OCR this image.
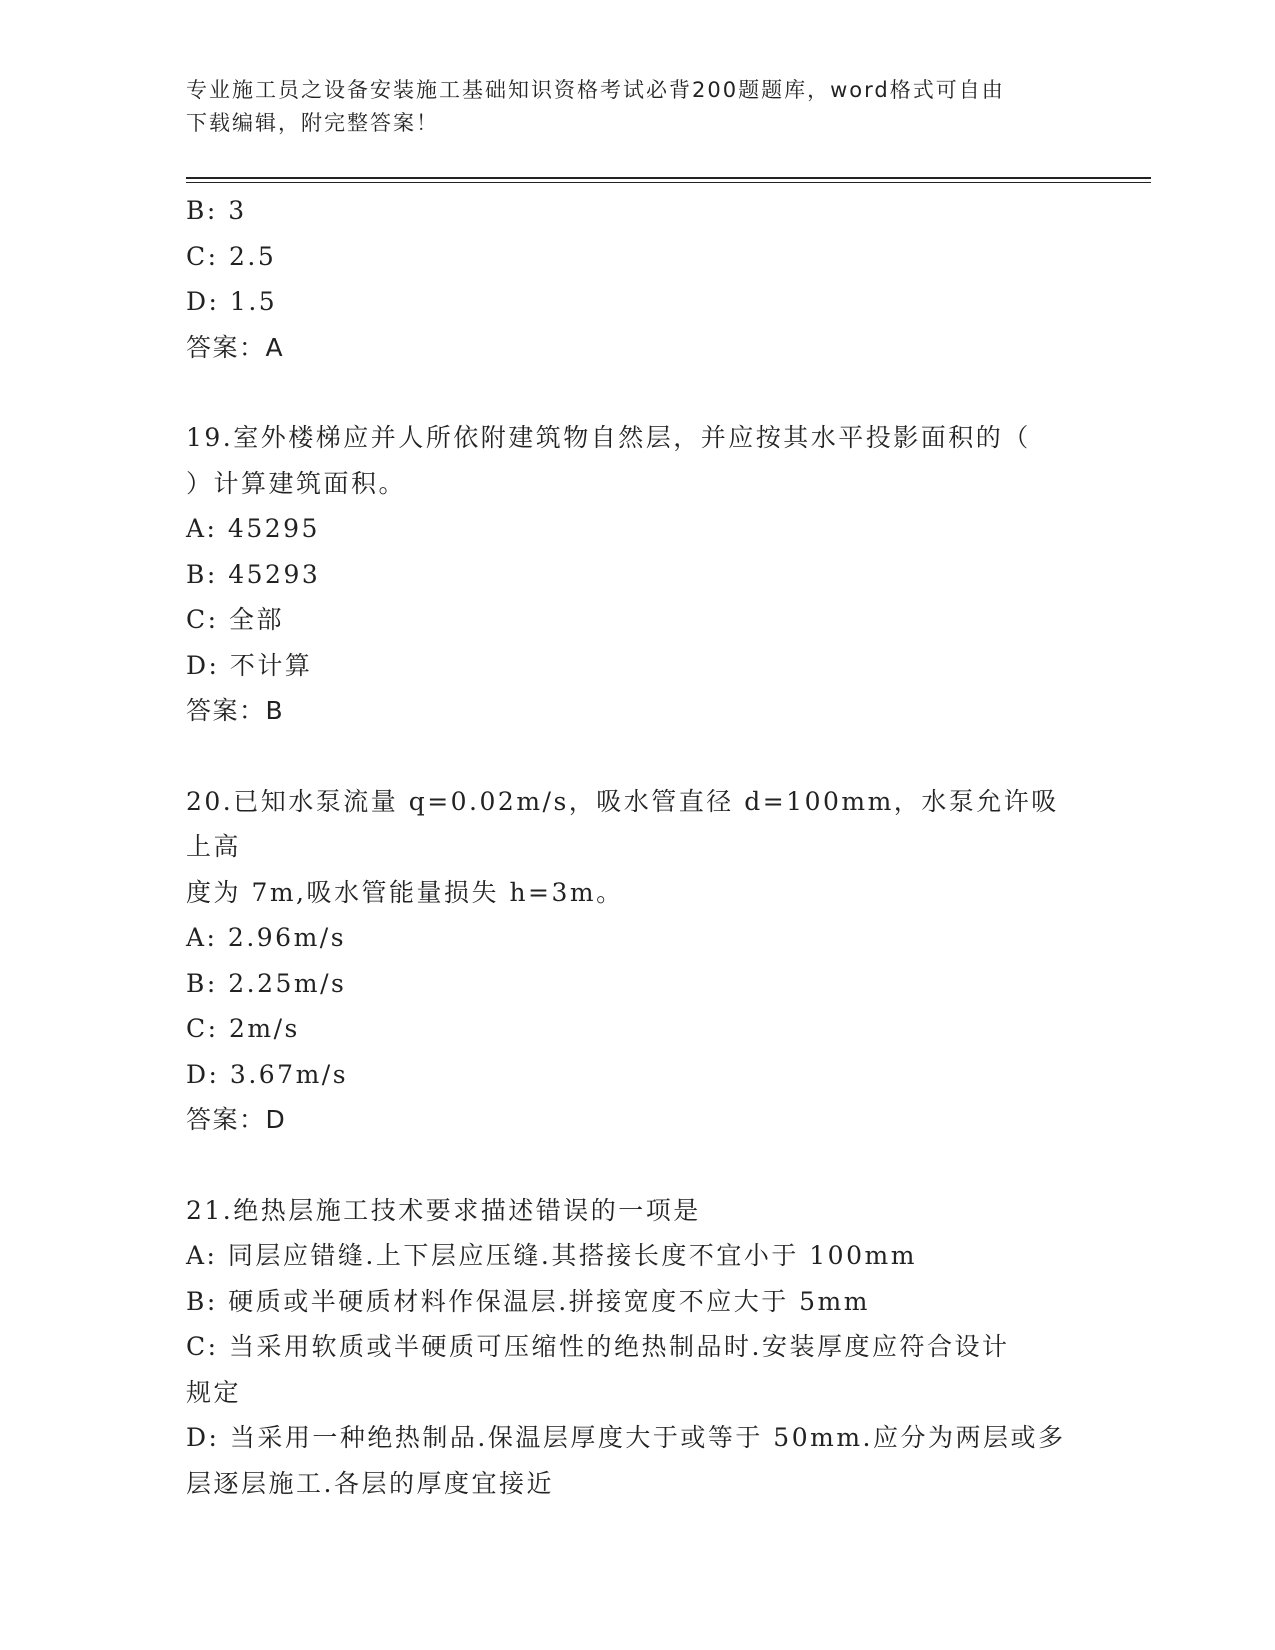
专业施工员之设备安装施工基础知识资格考试必背200题题库，word格式可自由
下载编辑，附完整答案！

B: 3

C: 2.5

D: 1.5

答案：A

19.室外楼梯应并人所依附建筑物自然层，并应按其水平投影面积的（

）计算建筑面积。

A: 45295

B: 45293

C: 全部

D: 不计算

答案：B

20.已知水泵流量 q=0.02m/s，吸水管直径 d=100mm，水泵允许吸上高

度为 7m,吸水管能量损失 h=3m。

A: 2.96m/s

B: 2.25m/s

C: 2m/s

D: 3.67m/s

答案：D

21.绝热层施工技术要求描述错误的一项是

A: 同层应错缝.上下层应压缝.其搭接长度不宜小于 100mm

B: 硬质或半硬质材料作保温层.拼接宽度不应大于 5mm

C: 当采用软质或半硬质可压缩性的绝热制品时.安装厚度应符合设计

规定

D: 当采用一种绝热制品.保温层厚度大于或等于 50mm.应分为两层或多

层逐层施工.各层的厚度宜接近
